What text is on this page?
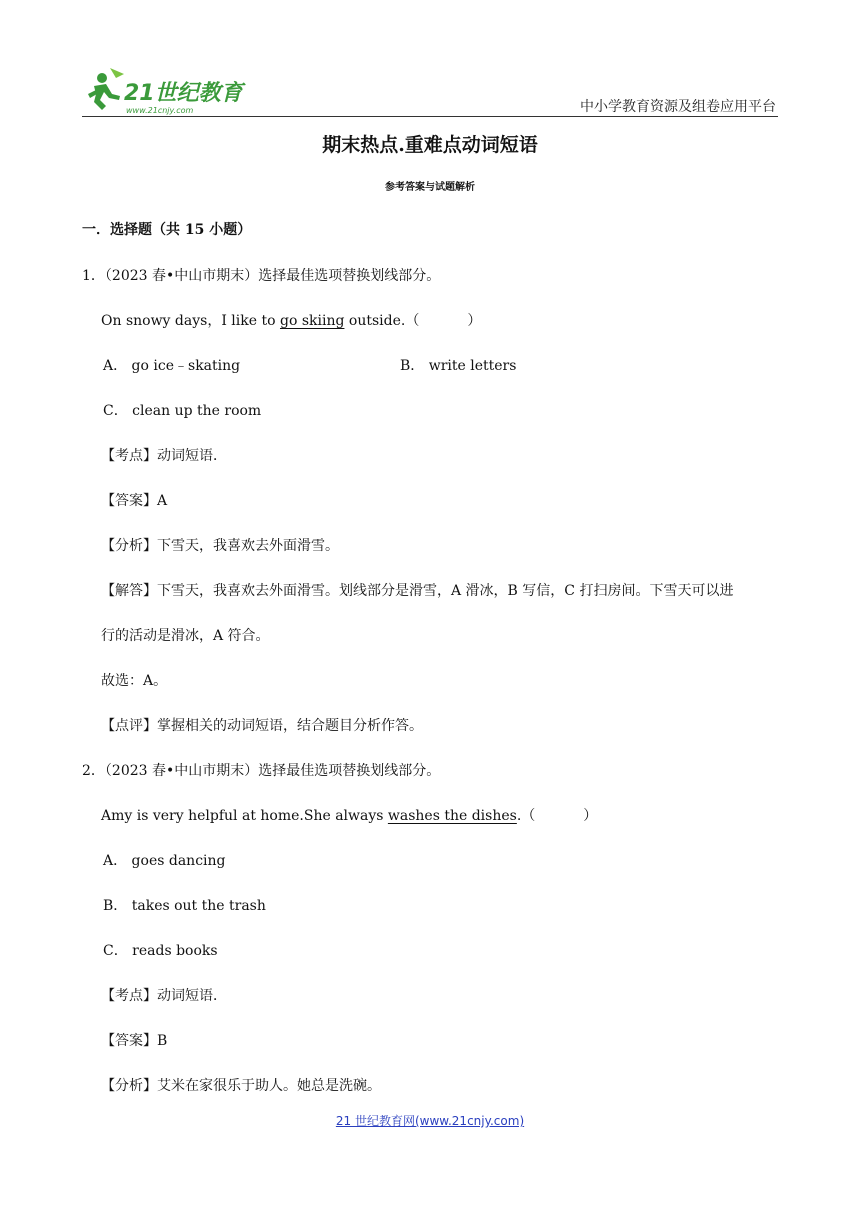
21世纪教育
www.21cnjy.com	中小学教育资源及组卷应用平台
期末热点.重难点动词短语
参考答案与试题解析
一．选择题（共 15 小题）
1．（2023 春•中山市期末）选择最佳选项替换划线部分。
On snowy days，I like to go skiing outside.（	）
A． go ice﹣skating	B． write letters
C． clean up the room
【考点】动词短语．
【答案】A
【分析】下雪天，我喜欢去外面滑雪。
【解答】下雪天，我喜欢去外面滑雪。划线部分是滑雪，A 滑冰，B 写信，C 打扫房间。下雪天可以进
行的活动是滑冰，A 符合。
故选：A。
【点评】掌握相关的动词短语，结合题目分析作答。
2．（2023 春•中山市期末）选择最佳选项替换划线部分。
Amy is very helpful at home.She always washes the dishes.（	）
A． goes dancing
B． takes out the trash
C． reads books
【考点】动词短语．
【答案】B
【分析】艾米在家很乐于助人。她总是洗碗。
21 世纪教育网(www.21cnjy.com)
